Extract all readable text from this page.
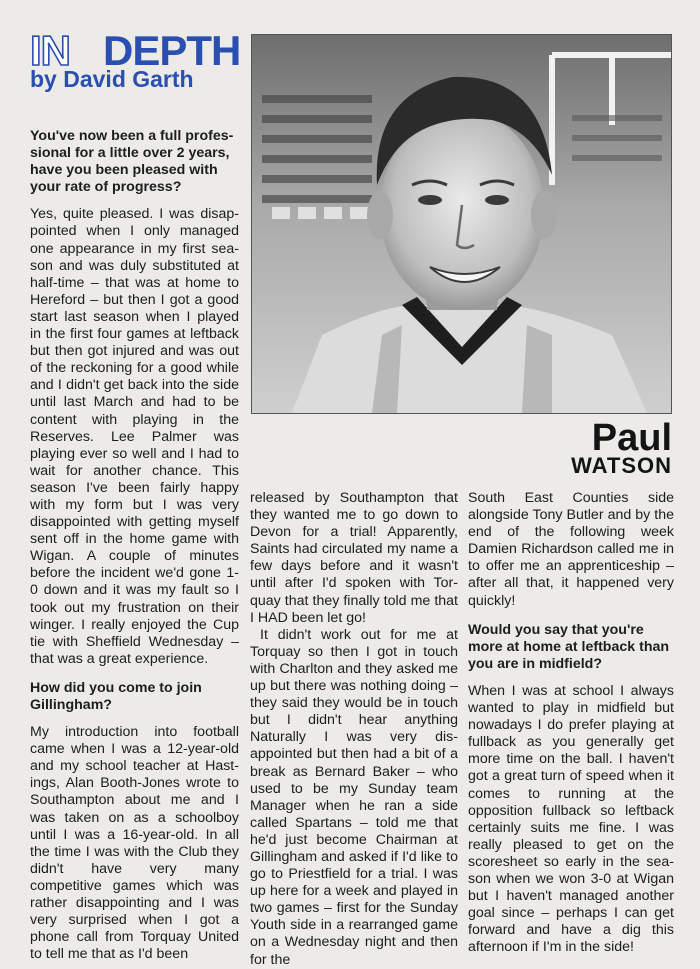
IN DEPTH
by David Garth
Paul
WATSON

You've now been a full professional for a little over 2 years, have you been pleased with your rate of progress?

Yes, quite pleased. I was disappointed when I only managed one appearance in my first season and was duly substituted at half-time – that was at home to Hereford – but then I got a good start last season when I played in the first four games at leftback but then got injured and was out of the reckoning for a good while and I didn't get back into the side until last March and had to be content with playing in the Reserves. Lee Palmer was playing ever so well and I had to wait for another chance. This season I've been fairly happy with my form but I was very disappointed with getting myself sent off in the home game with Wigan. A couple of minutes before the incident we'd gone 1-0 down and it was my fault so I took out my frustration on their winger. I really enjoyed the Cup tie with Sheffield Wednesday – that was a great experience.

How did you come to join Gillingham?

My introduction into football came when I was a 12-year-old and my school teacher at Hastings, Alan Booth-Jones wrote to Southampton about me and I was taken on as a schoolboy until I was a 16-year-old. In all the time I was with the Club they didn't have very many competitive games which was rather disappointing and I was very surprised when I got a phone call from Torquay United to tell me that as I'd been

released by Southampton that they wanted me to go down to Devon for a trial! Apparently, Saints had circulated my name a few days before and it wasn't until after I'd spoken with Torquay that they finally told me that I HAD been let go!

It didn't work out for me at Torquay so then I got in touch with Charlton and they asked me up but there was nothing doing – they said they would be in touch but I didn't hear anything Naturally I was very disappointed but then had a bit of a break as Bernard Baker – who used to be my Sunday team Manager when he ran a side called Spartans – told me that he'd just become Chairman at Gillingham and asked if I'd like to go to Priestfield for a trial. I was up here for a week and played in two games – first for the Sunday Youth side in a rearranged game on a Wednesday night and then for the

South East Counties side alongside Tony Butler and by the end of the following week Damien Richardson called me in to offer me an apprenticeship – after all that, it happened very quickly!

Would you say that you're more at home at leftback than you are in midfield?

When I was at school I always wanted to play in midfield but nowadays I do prefer playing at fullback as you generally get more time on the ball. I haven't got a great turn of speed when it comes to running at the opposition fullback so leftback certainly suits me fine. I was really pleased to get on the scoresheet so early in the season when we won 3-0 at Wigan but I haven't managed another goal since – perhaps I can get forward and have a dig this afternoon if I'm in the side!
